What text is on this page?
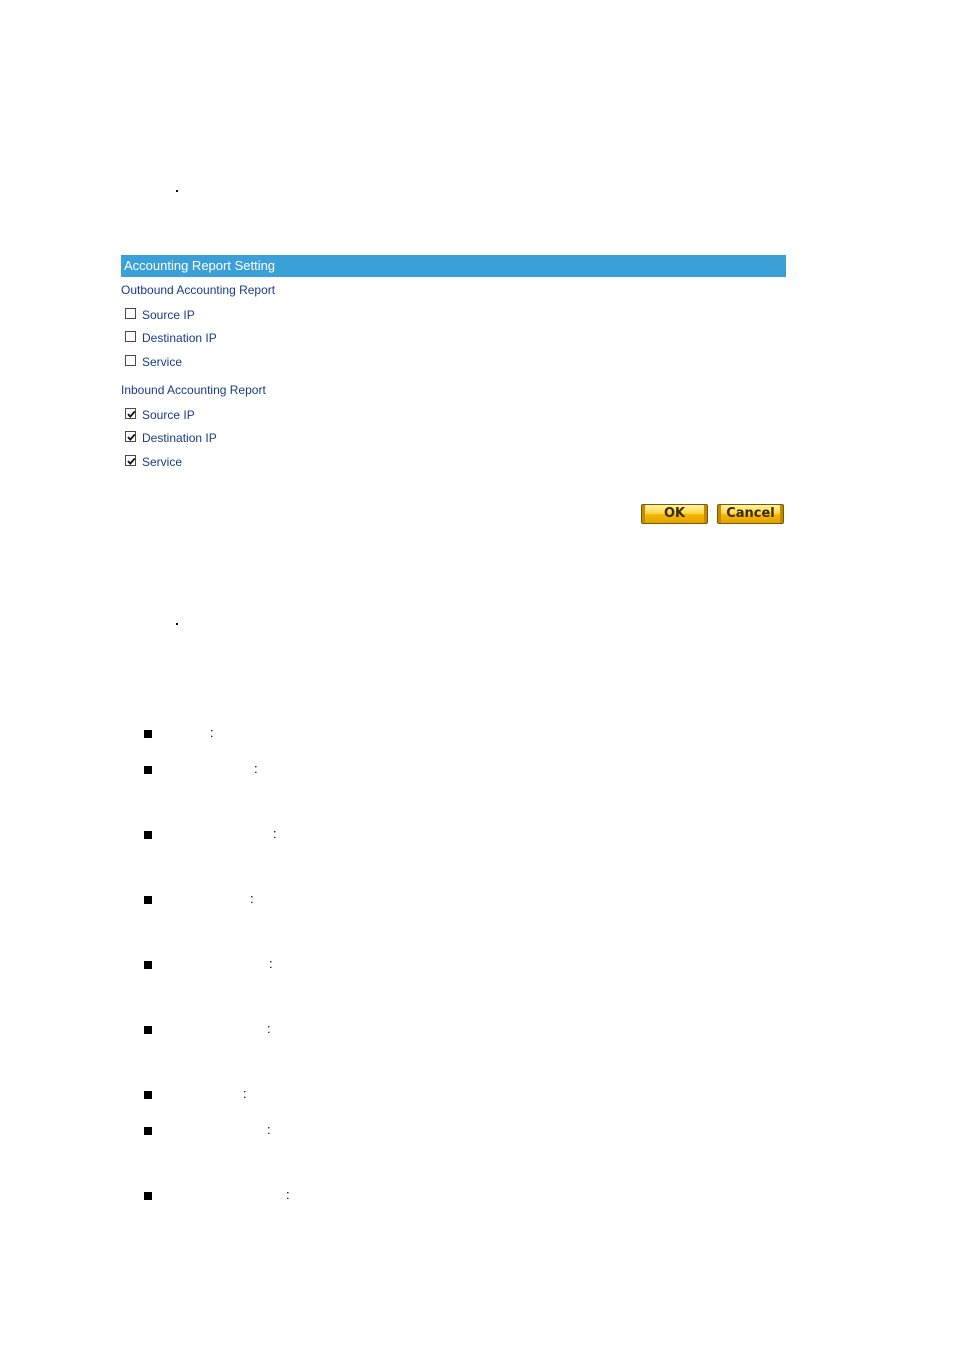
Accounting Report Setting
Outbound Accounting Report
Source IP
Destination IP
Service
Inbound Accounting Report
Source IP
Destination IP
Service
OK	Cancel
:
:
:
:
:
:
:
:
:
